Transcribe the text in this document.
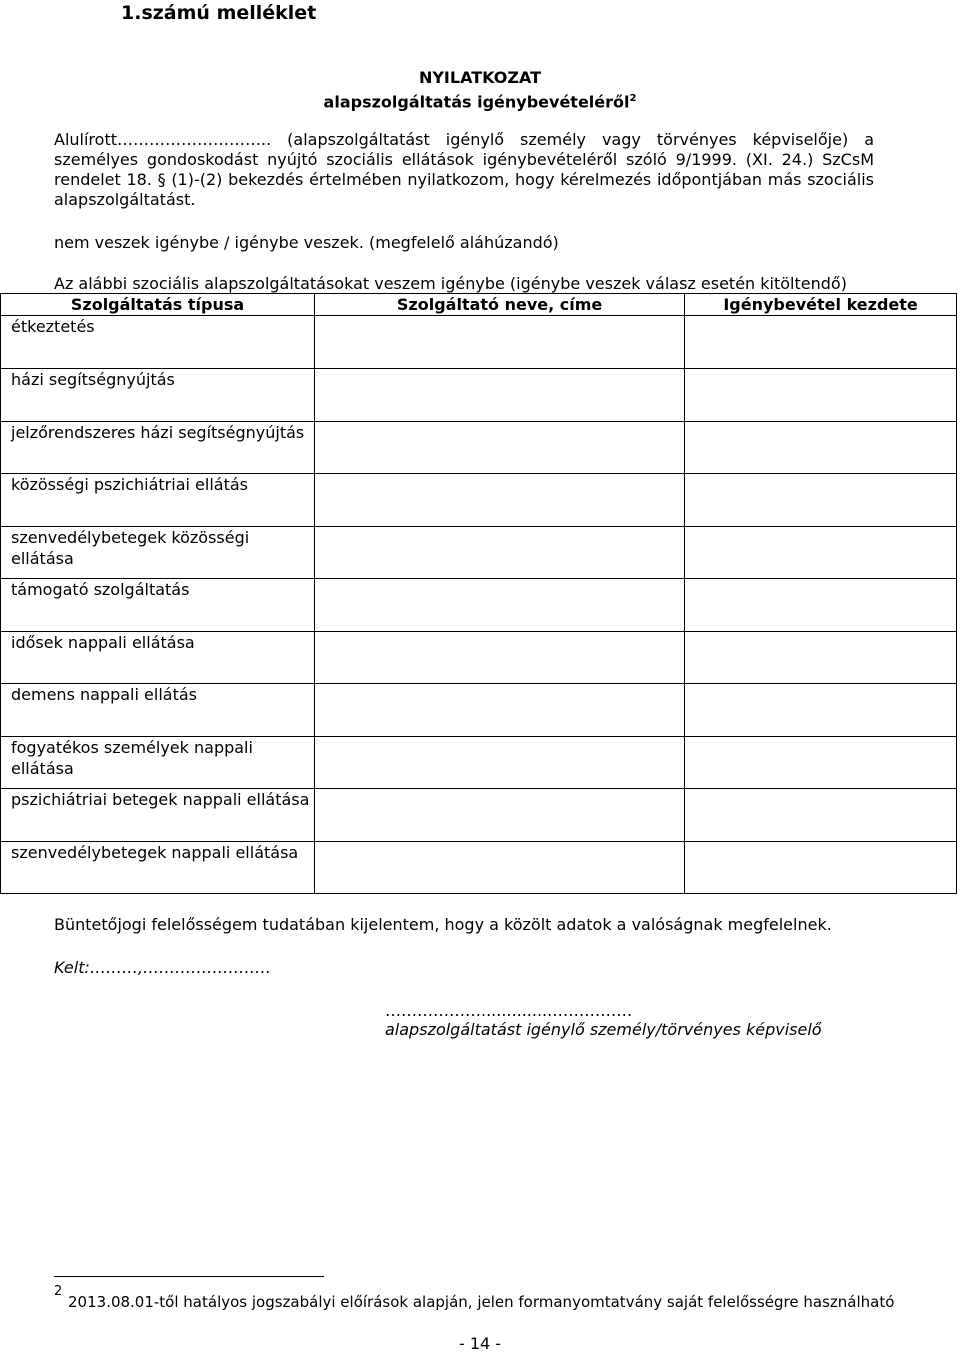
1.számú melléklet
NYILATKOZAT
alapszolgáltatás igénybevételéről$^2$
Alulírott……………………….. (alapszolgáltatást igénylő személy vagy törvényes képviselője) a személyes gondoskodást nyújtó szociális ellátások igénybevételéről szóló 9/1999. (XI. 24.) SzCsM rendelet 18. § (1)-(2) bekezdés értelmében nyilatkozom, hogy kérelmezés időpontjában más szociális alapszolgáltatást.
nem veszek igénybe / igénybe veszek. (megfelelő aláhúzandó)
Az alábbi szociális alapszolgáltatásokat veszem igénybe (igénybe veszek válasz esetén kitöltendő)
Szolgáltatás típusa	Szolgáltató neve, címe	Igénybevétel kezdete
étkeztetés		
házi segítségnyújtás		
jelzőrendszeres házi segítségnyújtás		
közösségi pszichiátriai ellátás		
szenvedélybetegek közösségi ellátása		
támogató szolgáltatás		
idősek nappali ellátása		
demens nappali ellátás		
fogyatékos személyek nappali ellátása		
pszichiátriai betegek nappali ellátása		
szenvedélybetegek nappali ellátása		
Büntetőjogi felelősségem tudatában kijelentem, hogy a közölt adatok a valóságnak megfelelnek.
Kelt:………,……………………
………………..............……………
alapszolgáltatást igénylő személy/törvényes képviselő
2
2013.08.01-től hatályos jogszabályi előírások alapján, jelen formanyomtatvány saját felelősségre használható
- 14 -
